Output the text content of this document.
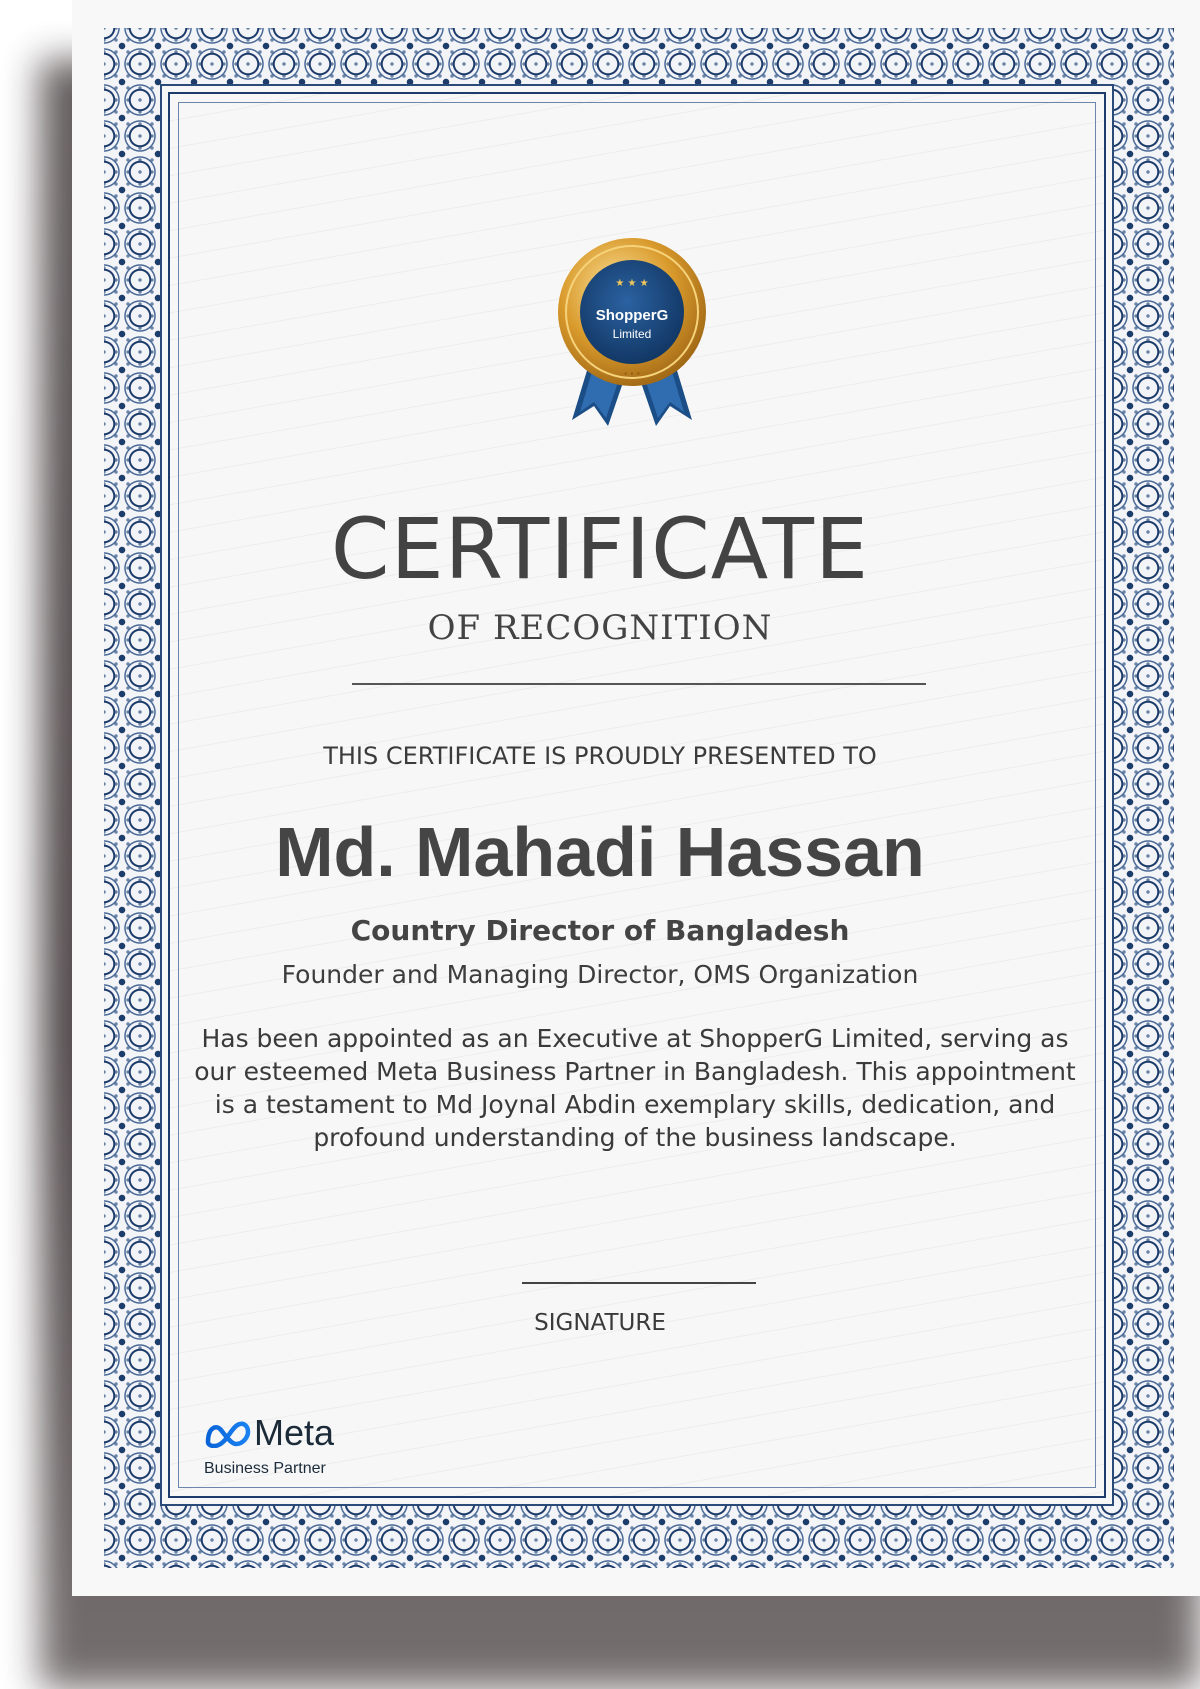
★ ★ ★
ShopperG
Limited
• • •
CERTIFICATE
OF RECOGNITION
THIS CERTIFICATE IS PROUDLY PRESENTED TO
Md. Mahadi Hassan
Country Director of Bangladesh
Founder and Managing Director, OMS Organization
Has been appointed as an Executive at ShopperG Limited, serving as our esteemed Meta Business Partner in Bangladesh. This appointment is a testament to Md Joynal Abdin exemplary skills, dedication, and profound understanding of the business landscape.
SIGNATURE
Meta
Business Partner
